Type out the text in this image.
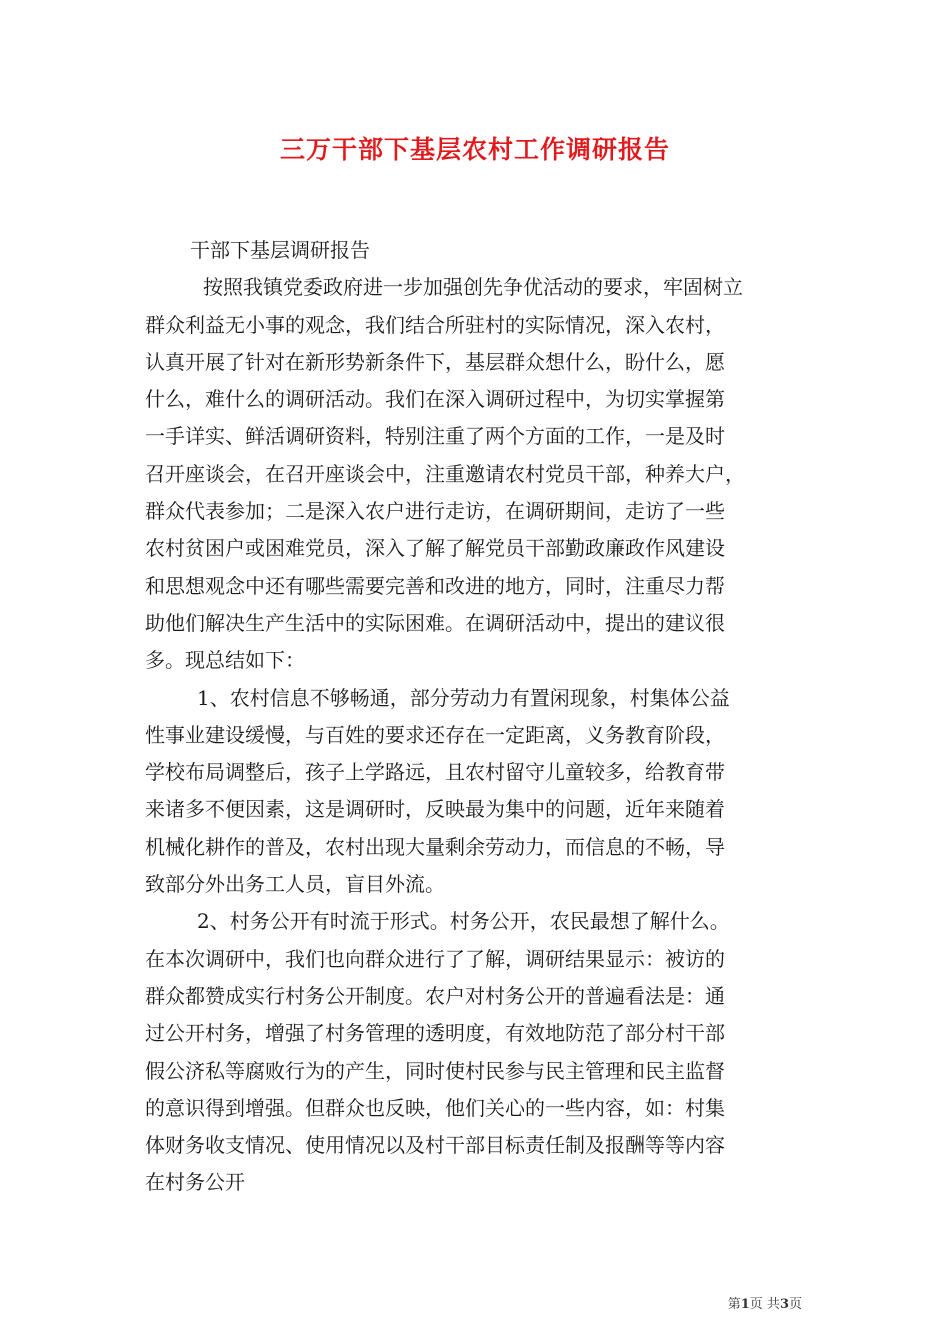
三万干部下基层农村工作调研报告
干部下基层调研报告
按照我镇党委政府进一步加强创先争优活动的要求，牢固树立
群众利益无小事的观念，我们结合所驻村的实际情况，深入农村，
认真开展了针对在新形势新条件下，基层群众想什么，盼什么，愿
什么，难什么的调研活动。我们在深入调研过程中，为切实掌握第
一手详实、鲜活调研资料，特别注重了两个方面的工作，一是及时
召开座谈会，在召开座谈会中，注重邀请农村党员干部，种养大户，
群众代表参加；二是深入农户进行走访，在调研期间，走访了一些
农村贫困户或困难党员，深入了解了解党员干部勤政廉政作风建设
和思想观念中还有哪些需要完善和改进的地方，同时，注重尽力帮
助他们解决生产生活中的实际困难。在调研活动中，提出的建议很
多。现总结如下：
1、农村信息不够畅通，部分劳动力有置闲现象，村集体公益
性事业建设缓慢，与百姓的要求还存在一定距离，义务教育阶段，
学校布局调整后，孩子上学路远，且农村留守儿童较多，给教育带
来诸多不便因素，这是调研时，反映最为集中的问题，近年来随着
机械化耕作的普及，农村出现大量剩余劳动力，而信息的不畅，导
致部分外出务工人员，盲目外流。
2、村务公开有时流于形式。村务公开，农民最想了解什么。
在本次调研中，我们也向群众进行了了解，调研结果显示：被访的
群众都赞成实行村务公开制度。农户对村务公开的普遍看法是：通
过公开村务，增强了村务管理的透明度，有效地防范了部分村干部
假公济私等腐败行为的产生，同时使村民参与民主管理和民主监督
的意识得到增强。但群众也反映，他们关心的一些内容，如：村集
体财务收支情况、使用情况以及村干部目标责任制及报酬等等内容
在村务公开
第1页 共3页
